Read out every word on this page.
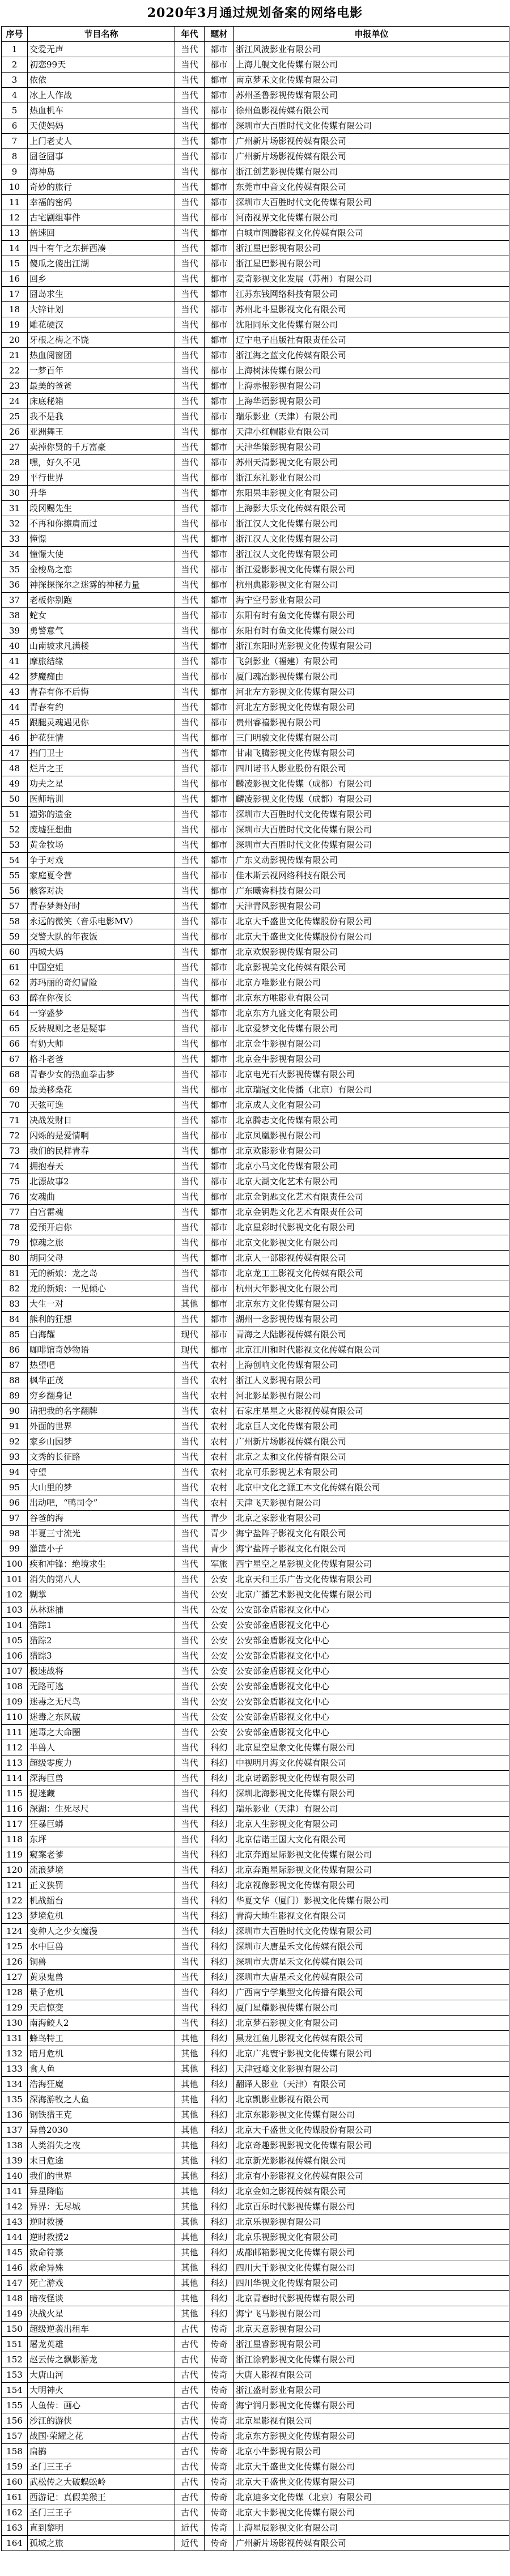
2020年3月通过规划备案的网络电影
序号	节目名称	年代	题材	申报单位
1	交爱无声	当代	都市	浙江风波影业有限公司
2	初恋99天	当代	都市	上海儿舰文化传媒有限公司
3	依依	当代	都市	南京梦禾文化传媒有限公司
4	冰上人作战	当代	都市	苏州圣鲁影视传媒有限公司
5	热血机车	当代	都市	徐州鱼影视传媒有限公司
6	天使妈妈	当代	都市	深圳市大百胜时代文化传媒有限公司
7	上门老丈人	当代	都市	广州新片场影视传媒有限公司
8	囧爸囧事	当代	都市	广州新片场影视传媒有限公司
9	海神岛	当代	都市	浙江创艺影视传媒有限公司
10	奇妙的旅行	当代	都市	东莞市中音文化传媒有限公司
11	幸福的密码	当代	都市	深圳市大百胜时代文化传媒有限公司
12	古宅剧组事件	当代	都市	河南视界文化传媒有限公司
13	倍速回	当代	都市	白城市图腾影视文化传媒有限公司
14	四十有午之东拼西凑	当代	都市	浙江星巴影视有限公司
15	傻瓜之傻出江湖	当代	都市	浙江星巴影视有限公司
16	回乡	当代	都市	麦奇影视文化发展（苏州）有限公司
17	囧岛求生	当代	都市	江苏东钱网络科技有限公司
18	大锌计划	当代	都市	苏州北斗星影视文化有限公司
19	雕花硬汉	当代	都市	沈阳同乐文化传媒有限公司
20	牙根之梅之不饶	当代	都市	辽宁电子出版社有限责任公司
21	热血阅窗团	当代	都市	浙江海之蓝文化传媒有限公司
22	一梦百年	当代	都市	上海树沫传媒有限公司
23	最美的爸爸	当代	都市	上海赤根影视有限公司
24	床底秘箱	当代	都市	上海华语影视有限公司
25	我不是我	当代	都市	瑞乐影业（天津）有限公司
26	亚洲舞王	当代	都市	天津小红帽影业有限公司
27	卖掉你贤的千万富豪	当代	都市	天津华策影视有限公司
28	嘿，好久不见	当代	都市	苏州天清影视文化有限公司
29	平行世界	当代	都市	浙江东礼影业有限公司
30	升华	当代	都市	东阳果丰影视文化有限公司
31	段冈赐先生	当代	都市	上海影大乐文化传媒有限公司
32	不再和你擦肩而过	当代	都市	浙江汉人文化传媒有限公司
33	憧憬	当代	都市	浙江汉人文化传媒有限公司
34	憧憬大使	当代	都市	浙江汉人文化传媒有限公司
35	金梭岛之恋	当代	都市	浙江爱影影视文化传媒有限公司
36	神探探探尔之迷雾的神秘力量	当代	都市	杭州典影影视文化有限公司
37	老板你别跑	当代	都市	海宁空号影业有限公司
38	蛇女	当代	都市	东阳有时有鱼文化传媒有限公司
39	勇警意气	当代	都市	东阳有时有鱼文化传媒有限公司
40	山南坡求凡满楼	当代	都市	浙江东阳时光影视文化传媒有限公司
41	摩旅结缘	当代	都市	飞剑影业（福建）有限公司
42	梦魔痴由	当代	都市	厦门魂冶影视传媒有限公司
43	青春有你不后悔	当代	都市	河北左方影视文化传媒有限公司
44	青春有约	当代	都市	河北左方影视文化传媒有限公司
45	跟腿灵魂遇见你	当代	都市	贵州睿禧影视有限公司
46	护花狂情	当代	都市	三门明骏文化传媒有限公司
47	挡门卫士	当代	都市	甘肃飞腾影视文化传媒有限公司
48	烂片之王	当代	都市	四川诺书人影业股份有限公司
49	功夫之星	当代	都市	麟凌影视文化传媒（成都）有限公司
50	医师培训	当代	都市	麟凌影视文化传媒（成都）有限公司
51	遗弥的遗金	当代	都市	深圳市大百胜时代文化传媒有限公司
52	废墟狂想曲	当代	都市	深圳市大百胜时代文化传媒有限公司
53	黄金牧场	当代	都市	深圳市大百胜时代文化传媒有限公司
54	争于对戏	当代	都市	广东义动影视传媒有限公司
55	家庭夏令营	当代	都市	佳木斯云视网络科技有限公司
56	骸客对决	当代	都市	广东曦睿科技有限公司
57	青春梦舞好时	当代	都市	天津青风影视有限公司
58	永远的微笑（音乐电影MV）	当代	都市	北京大千盛世文化传媒股份有限公司
59	交警大队的年夜饭	当代	都市	北京大千盛世文化传媒股份有限公司
60	西城大妈	当代	都市	北京欢娱影视传媒有限公司
61	中国空姐	当代	都市	北京影视美文化传媒有限公司
62	苏玛丽的奇幻冒险	当代	都市	北京方唯影业有限公司
63	醉在你夜长	当代	都市	北京东方唯影业有限公司
64	一穿盛梦	当代	都市	北京东方九盛文化有限公司
65	反转规则之老是疑事	当代	都市	北京爱梦文化传媒有限公司
66	有奶大师	当代	都市	北京金牛影视有限公司
67	格斗老爸	当代	都市	北京金牛影视有限公司
68	青春少女的热血拳击梦	当代	都市	北京电光石火影视传媒有限公司
69	最美移桑花	当代	都市	北京瑞冠文化传播（北京）有限公司
70	天弦可逸	当代	都市	北京成人文化有限公司
71	决战发财日	当代	都市	北京腾志文化传媒有限公司
72	闪烁的是爱情啊	当代	都市	北京凤凰影视有限公司
73	我们的民样青春	当代	都市	北京欢影影业有限公司
74	拥抱春天	当代	都市	北京小马文化传媒有限公司
75	北漂故事2	当代	都市	北京大湖文化艺术有限公司
76	安魂曲	当代	都市	北京金钥匙文化艺术有限责任公司
77	白宫雷魂	当代	都市	北京金钥匙文化艺术有限责任公司
78	爱预开启你	当代	都市	北京星彩时代影视文化有限公司
79	惊魂之旅	当代	都市	北京文化影视文化有限公司
80	胡同父母	当代	都市	北京人一部影视传媒有限公司
81	无的新娘：龙之岛	当代	都市	北京龙工工影视文化传媒有限公司
82	龙的新娘：一见倾心	当代	都市	杭州大年影视文化有限公司
83	大生一对	其他	都市	北京东方文化传媒有限公司
84	熊利的狂想	当代	都市	湖州一念影视传媒有限公司
85	白海耀	现代	都市	青海之大陆影视传媒有限公司
86	咖啡馆奇妙物语	现代	都市	北京江川和时代影视文化传媒有限公司
87	热望吧	当代	农村	上海创响文化传媒有限公司
88	枫华正茂	当代	农村	浙江人义影视有限公司
89	穷乡翻身记	当代	农村	河北影星影视有限公司
90	请把我的名字翻牌	当代	农村	石家庄星星之火影视传媒有限公司
91	外面的世界	当代	农村	北京巨人文化传媒有限公司
92	家乡山园梦	当代	农村	广州新片场影视传媒有限公司
93	文秀的长征路	当代	农村	北京之太和文化传播有限公司
94	守望	当代	农村	北京可乐影视艺术有限公司
95	大山里的梦	当代	农村	北京中文化之源工本文化传媒有限公司
96	出动吧，“鸭司令”	当代	农村	天津飞天影视有限公司
97	谷爸的海	当代	青少	北京之家影业有限公司
98	半夏三寸流光	当代	青少	海宁盐阵子影视文化有限公司
99	灌篮小子	当代	青少	海宁盐阵子影视文化有限公司
100	疾和冲锋：绝境求生	当代	军旅	西宁星空之星影视文化传媒有限公司
101	消失的第八人	当代	公安	北京天和王乐广告文化传媒有限公司
102	糊掌	当代	公安	北京广播艺术影视文化传媒有限公司
103	丛林迷捕	当代	公安	公安部金盾影视文化中心
104	猎踪1	当代	公安	公安部金盾影视文化中心
105	猎踪2	当代	公安	公安部金盾影视文化中心
106	猎踪3	当代	公安	公安部金盾影视文化中心
107	极速战将	当代	公安	公安部金盾影视文化中心
108	无路可逃	当代	公安	公安部金盾影视文化中心
109	迷毒之无尺鸟	当代	公安	公安部金盾影视文化中心
110	迷毒之东风破	当代	公安	公安部金盾影视文化中心
111	迷毒之大命圈	当代	公安	公安部金盾影视文化中心
112	半兽人	当代	科幻	北京星空星象文化传媒有限公司
113	超级零度力	当代	科幻	中视明月海文化传媒有限公司
114	深海巨兽	当代	科幻	北京诺霸影视文化传媒有限公司
115	捉迷藏	当代	科幻	深圳北海影视文化传媒有限公司
116	深湖：生死尽尺	当代	科幻	瑞乐影业（天津）有限公司
117	狂暴巨蟒	当代	科幻	北京人生影视文化有限公司
118	东坪	当代	科幻	北京信诺王国大文化有限公司
119	窥案老爹	当代	科幻	北京奔跑星际影视文化传媒有限公司
120	流浪梦境	当代	科幻	北京奔跑星际影视文化传媒有限公司
121	正义狭罚	当代	科幻	北京视像影视文化传媒有限公司
122	机战擂台	当代	科幻	华夏文华（厦门）影视文化传媒有限公司
123	梦境危机	当代	科幻	青海大地生影视文化有限公司
124	变种人之少女魔漫	当代	科幻	深圳市大百胜时代文化传媒有限公司
125	水中巨兽	当代	科幻	深圳市大唐星禾文化传媒有限公司
126	铜兽	当代	科幻	深圳市大唐星禾文化传媒有限公司
127	黄泉鬼兽	当代	科幻	深圳市大唐星禾文化传媒有限公司
128	量子危机	当代	科幻	广西南宁学集型文化传播有限公司
129	天启惊变	当代	科幻	厦门星耀影视传媒有限公司
130	南海鲛人2	当代	科幻	北京梦石影视文化有限公司
131	蜂鸟特工	其他	科幻	黑龙江鱼儿影视文化传媒有限公司
132	暗月危机	其他	科幻	北京广兆寰宇影视文化传媒有限公司
133	食人鱼	其他	科幻	天津冠峰文化影视有限公司
134	浩海狂魔	其他	科幻	翻译人影业（天津）有限公司
135	深海游牧之人鱼	其他	科幻	北京凯影业影视有限公司
136	钢铁猎王克	其他	科幻	北京东影影视文化传媒有限公司
137	异兽2030	其他	科幻	北京大千盛世文化传媒股份有限公司
138	人类消失之夜	其他	科幻	北京奇趣影视影视文化传媒有限公司
139	末日危途	其他	科幻	北京新光影影视传媒有限公司
140	我们的世界	其他	科幻	北京有小影影视文化传媒有限公司
141	异星降临	其他	科幻	北京金如之影视传媒有限公司
142	异界：无尽城	其他	科幻	北京百乐时代影视传媒有限公司
143	逆时救援	其他	科幻	北京乐视影视有限公司
144	逆时救援2	其他	科幻	北京乐视影视文化有限公司
145	致命符箓	其他	科幻	成都邮箱影视文化传媒有限公司
146	救命异殊	其他	科幻	四川大千影视文化传媒有限公司
147	死亡游戏	其他	科幻	四川华视文化传媒有限公司
148	暗夜怪谈	其他	科幻	北京青春时代影视传媒有限公司
149	决战火星	其他	科幻	海宁飞马影视有限公司
150	超级逆袭出租车	古代	传奇	北京天意影视有限公司
151	屠龙英雄	古代	传奇	浙江星睿影视有限公司
152	赵云传之飘影游龙	古代	传奇	浙江涂鸦影视文化传媒有限公司
153	大唐山河	古代	传奇	大唐人影视有限公司
154	大明神火	古代	传奇	浙江盛时影业有限公司
155	人鱼传：画心	古代	传奇	海宁润月影视文化传媒有限公司
156	沙江的游侠	古代	传奇	北京星影视有限公司
157	战国·荣耀之花	古代	传奇	北京东方影视文化传媒有限公司
158	扁鹊	古代	传奇	北京小牛影视有限公司
159	圣门三王子	古代	传奇	北京大千盛世文化传媒有限公司
160	武松传之大破蜈蚣岭	古代	传奇	北京大千盛世文化传媒有限公司
161	西游记：真假美猴王	古代	传奇	北京迪多文化传媒（北京）有限公司
162	圣门三王子	古代	传奇	北京大卡影视文化传媒有限公司
163	直到黎明	近代	传奇	上海星辰影视文化有限公司
164	孤城之旅	近代	传奇	广州新片场影视传媒有限公司
